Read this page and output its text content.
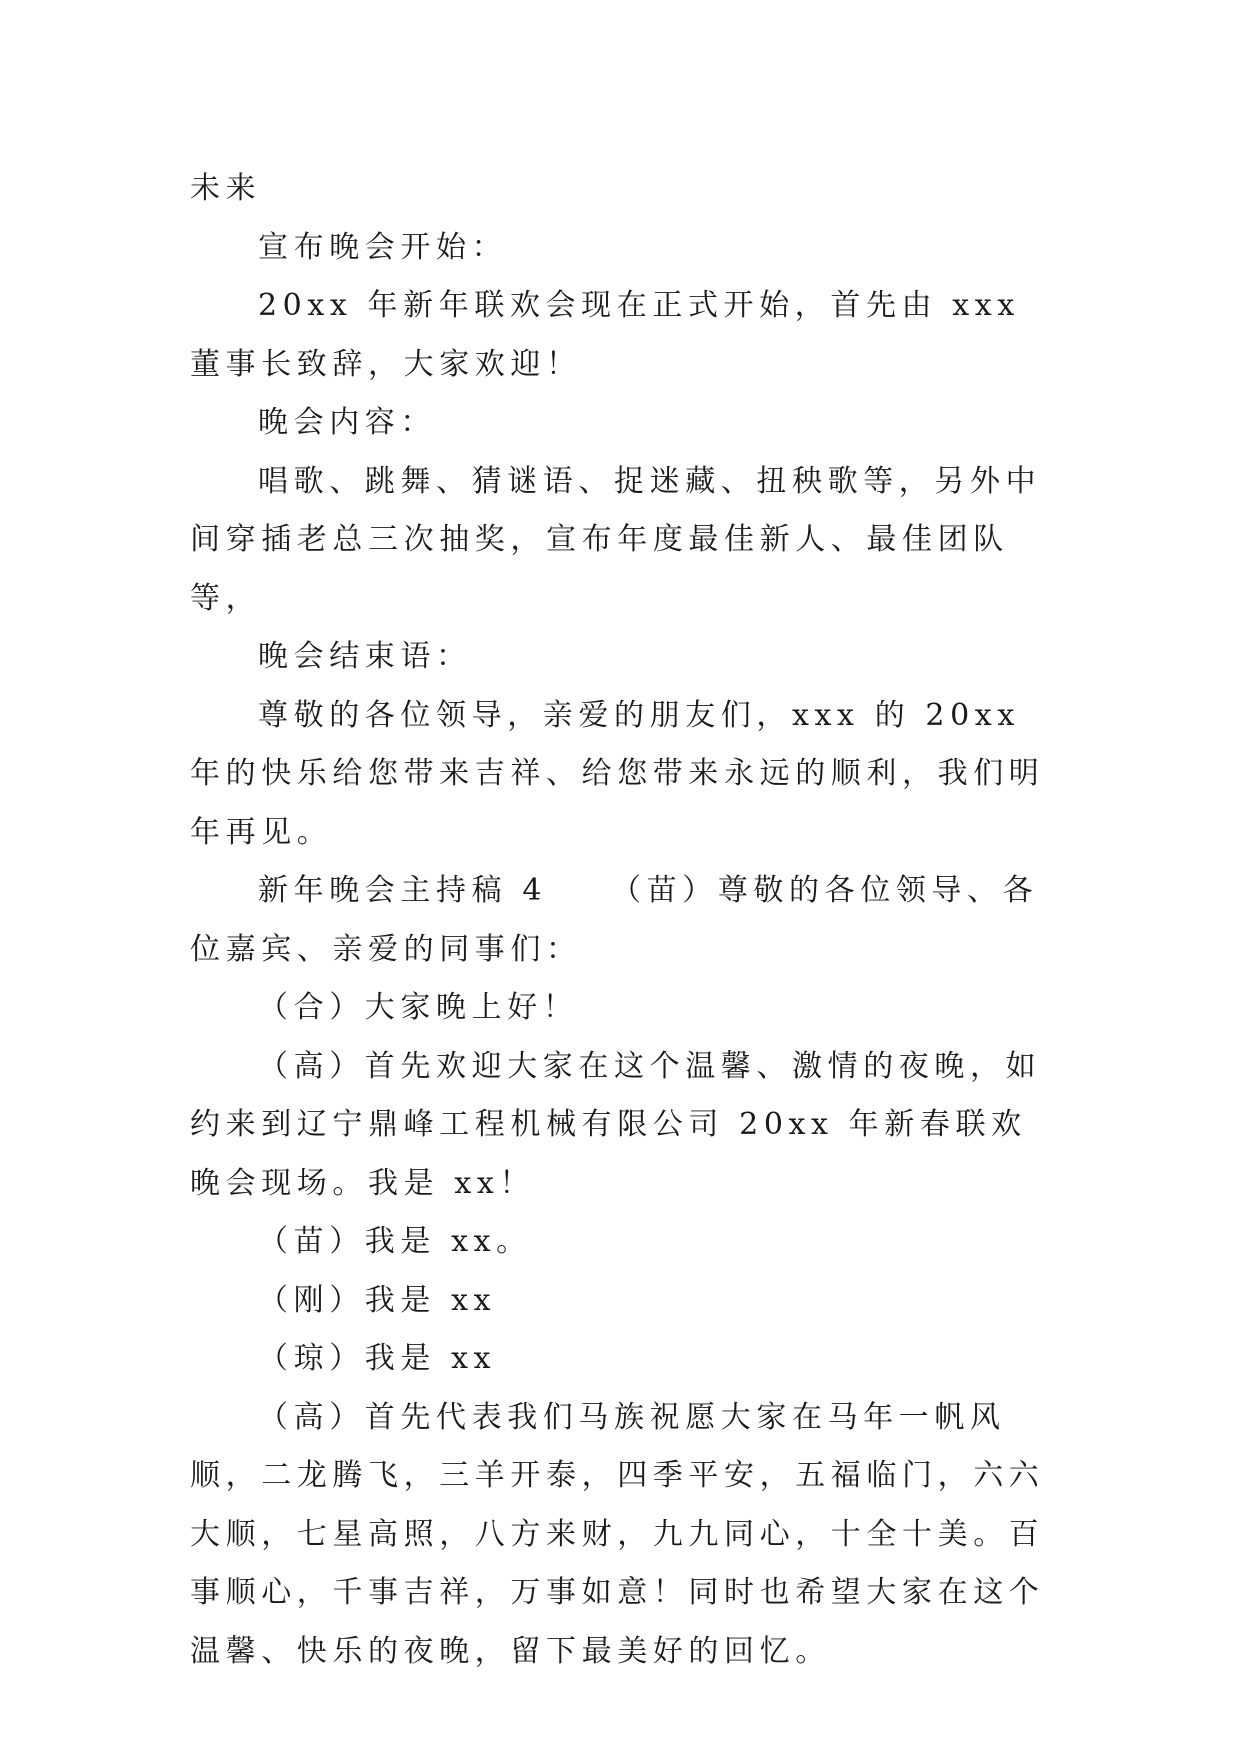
未来

宣布晚会开始：

20xx 年新年联欢会现在正式开始，首先由 xxx 董事长致辞，大家欢迎！

晚会内容：

唱歌、跳舞、猜谜语、捉迷藏、扭秧歌等，另外中间穿插老总三次抽奖，宣布年度最佳新人、最佳团队等，

晚会结束语：

尊敬的各位领导，亲爱的朋友们，xxx 的 20xx 年的快乐给您带来吉祥、给您带来永远的顺利，我们明年再见。

新年晚会主持稿 4 （苗）尊敬的各位领导、各位嘉宾、亲爱的同事们：

（合）大家晚上好！

（高）首先欢迎大家在这个温馨、激情的夜晚，如约来到辽宁鼎峰工程机械有限公司 20xx 年新春联欢晚会现场。我是 xx！

（苗）我是 xx。

（刚）我是 xx

（琼）我是 xx

（高）首先代表我们马族祝愿大家在马年一帆风顺，二龙腾飞，三羊开泰，四季平安，五福临门，六六大顺，七星高照，八方来财，九九同心，十全十美。百事顺心，千事吉祥，万事如意！同时也希望大家在这个温馨、快乐的夜晚，留下最美好的回忆。
